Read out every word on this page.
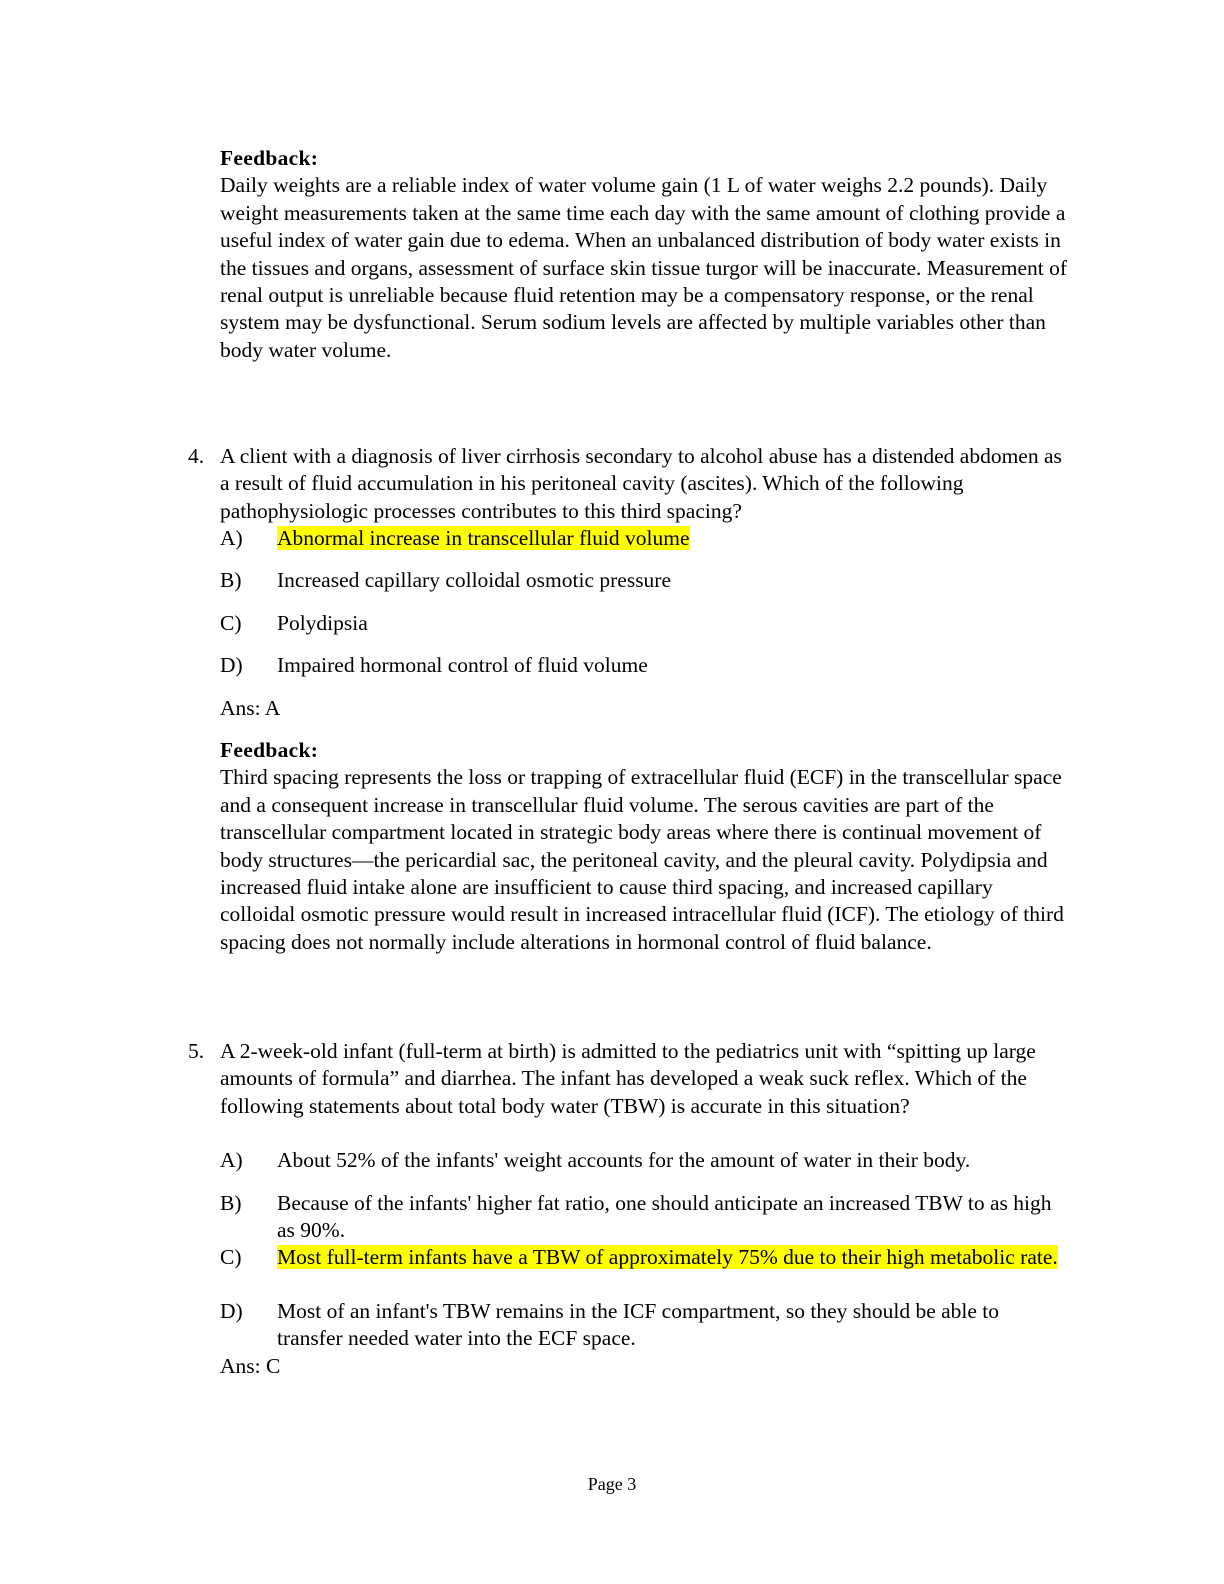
Feedback:
Daily weights are a reliable index of water volume gain (1 L of water weighs 2.2 pounds). Daily weight measurements taken at the same time each day with the same amount of clothing provide a useful index of water gain due to edema. When an unbalanced distribution of body water exists in the tissues and organs, assessment of surface skin tissue turgor will be inaccurate. Measurement of renal output is unreliable because fluid retention may be a compensatory response, or the renal system may be dysfunctional. Serum sodium levels are affected by multiple variables other than body water volume.
4. A client with a diagnosis of liver cirrhosis secondary to alcohol abuse has a distended abdomen as a result of fluid accumulation in his peritoneal cavity (ascites). Which of the following pathophysiologic processes contributes to this third spacing?
A)	Abnormal increase in transcellular fluid volume
B)	Increased capillary colloidal osmotic pressure
C)	Polydipsia
D)	Impaired hormonal control of fluid volume
Ans: A
Feedback:
Third spacing represents the loss or trapping of extracellular fluid (ECF) in the transcellular space and a consequent increase in transcellular fluid volume. The serous cavities are part of the transcellular compartment located in strategic body areas where there is continual movement of body structures—the pericardial sac, the peritoneal cavity, and the pleural cavity. Polydipsia and increased fluid intake alone are insufficient to cause third spacing, and increased capillary colloidal osmotic pressure would result in increased intracellular fluid (ICF). The etiology of third spacing does not normally include alterations in hormonal control of fluid balance.
5. A 2-week-old infant (full-term at birth) is admitted to the pediatrics unit with “spitting up large amounts of formula” and diarrhea. The infant has developed a weak suck reflex. Which of the following statements about total body water (TBW) is accurate in this situation?
A)	About 52% of the infants' weight accounts for the amount of water in their body.
B)	Because of the infants' higher fat ratio, one should anticipate an increased TBW to as high as 90%.
C)	Most full-term infants have a TBW of approximately 75% due to their high metabolic rate.
D)	Most of an infant's TBW remains in the ICF compartment, so they should be able to transfer needed water into the ECF space.
Ans: C
Page 3
